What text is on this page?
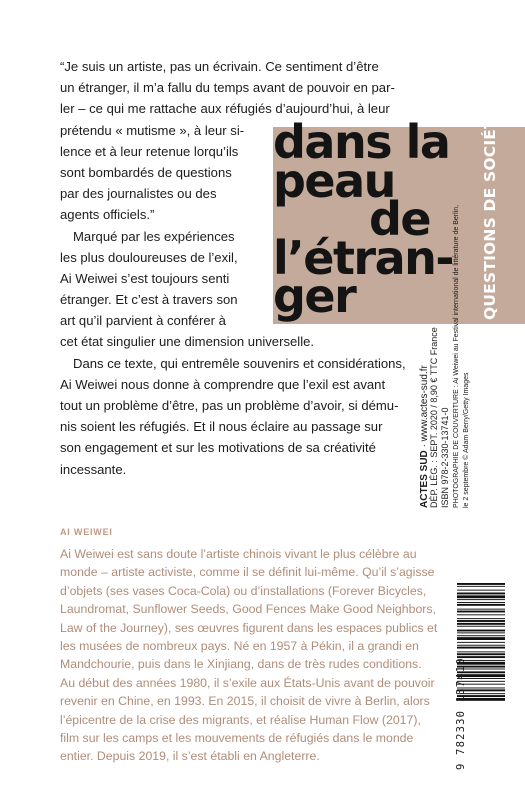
dans la
peau
de
l’étran-
ger	QUESTIONS DE SOCIÉTÉ

“Je suis un artiste, pas un écrivain. Ce sentiment d’être
un étranger, il m’a fallu du temps avant de pouvoir en par-
ler – ce qui me rattache aux réfugiés d’aujourd’hui, à leur
prétendu « mutisme », à leur si-
lence et à leur retenue lorqu’ils
sont bombardés de questions
par des journalistes ou des
agents officiels.”

Marqué par les expériences
les plus douloureuses de l’exil,
Ai Weiwei s’est toujours senti
étranger. Et c’est à travers son
art qu’il parvient à conférer à
cet état singulier une dimension universelle.

Dans ce texte, qui entremêle souvenirs et considérations,
Ai Weiwei nous donne à comprendre que l’exil est avant
tout un problème d’être, pas un problème d’avoir, si dému-
nis soient les réfugiés. Et il nous éclaire au passage sur
son engagement et sur les motivations de sa créativité
incessante.

AI WEIWEI
Ai Weiwei est sans doute l’artiste chinois vivant le plus célèbre au
monde – artiste activiste, comme il se définit lui-même. Qu’il s’agisse
d’objets (ses vases Coca-Cola) ou d’installations (Forever Bicycles,
Laundromat, Sunflower Seeds, Good Fences Make Good Neighbors,
Law of the Journey), ses œuvres figurent dans les espaces publics et
les musées de nombreux pays. Né en 1957 à Pékin, il a grandi en
Mandchourie, puis dans le Xinjiang, dans de très rudes conditions.
Au début des années 1980, il s’exile aux États-Unis avant de pouvoir
revenir en Chine, en 1993. En 2015, il choisit de vivre à Berlin, alors
l’épicentre de la crise des migrants, et réalise Human Flow (2017),
film sur les camps et les mouvements de réfugiés dans le monde
entier. Depuis 2019, il s’est établi en Angleterre.
ACTES SUD · www.actes-sud.fr DÉP. LÉG. : SEPT. 2020 / 8,90 € TTC France ISBN 978-2-330-13741-0 PHOTOGRAPHIE DE COUVERTURE : Ai Weiwei au Festival international de littérature de Berlin, le 2 septembre © Adam Berry/Getty Images
9 782330 137410
